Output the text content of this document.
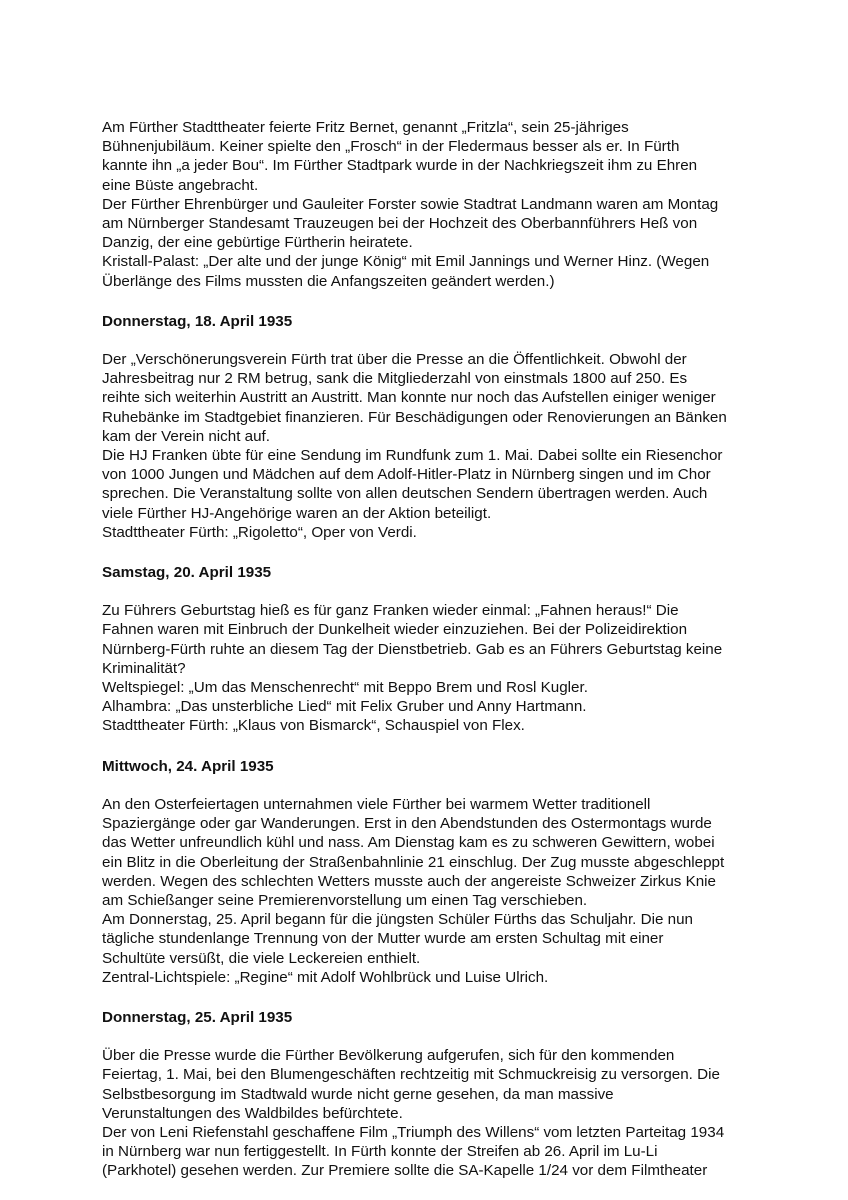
Am Fürther Stadttheater feierte Fritz Bernet, genannt „Fritzla“, sein 25-jähriges
Bühnenjubiläum. Keiner spielte den „Frosch“ in der Fledermaus besser als er. In Fürth
kannte ihn „a jeder Bou“. Im Fürther Stadtpark wurde in der Nachkriegszeit ihm zu Ehren
eine Büste angebracht.
Der Fürther Ehrenbürger und Gauleiter Forster sowie Stadtrat Landmann waren am Montag
am Nürnberger Standesamt Trauzeugen bei der Hochzeit des Oberbannführers Heß von
Danzig, der eine gebürtige Fürtherin heiratete.
Kristall-Palast: „Der alte und der junge König“ mit Emil Jannings und Werner Hinz. (Wegen
Überlänge des Films mussten die Anfangszeiten geändert werden.)
Donnerstag, 18. April 1935
Der „Verschönerungsverein Fürth trat über die Presse an die Öffentlichkeit. Obwohl der
Jahresbeitrag nur 2 RM betrug, sank die Mitgliederzahl von einstmals 1800 auf 250. Es
reihte sich weiterhin Austritt an Austritt. Man konnte nur noch das Aufstellen einiger weniger
Ruhebänke im Stadtgebiet finanzieren. Für Beschädigungen oder Renovierungen an Bänken
kam der Verein nicht auf.
Die HJ Franken übte für eine Sendung im Rundfunk zum 1. Mai. Dabei sollte ein Riesenchor
von 1000 Jungen und Mädchen auf dem Adolf-Hitler-Platz in Nürnberg singen und im Chor
sprechen. Die Veranstaltung sollte von allen deutschen Sendern übertragen werden. Auch
viele Fürther HJ-Angehörige waren an der Aktion beteiligt.
Stadttheater Fürth: „Rigoletto“, Oper von Verdi.
Samstag, 20. April 1935
Zu Führers Geburtstag hieß es für ganz Franken wieder einmal: „Fahnen heraus!“ Die
Fahnen waren mit Einbruch der Dunkelheit wieder einzuziehen. Bei der Polizeidirektion
Nürnberg-Fürth ruhte an diesem Tag der Dienstbetrieb. Gab es an Führers Geburtstag keine
Kriminalität?
Weltspiegel: „Um das Menschenrecht“ mit Beppo Brem und Rosl Kugler.
Alhambra: „Das unsterbliche Lied“ mit Felix Gruber und Anny Hartmann.
Stadttheater Fürth: „Klaus von Bismarck“, Schauspiel von Flex.
Mittwoch, 24. April 1935
An den Osterfeiertagen unternahmen viele Fürther bei warmem Wetter traditionell
Spaziergänge oder gar Wanderungen. Erst in den Abendstunden des Ostermontags wurde
das Wetter unfreundlich kühl und nass. Am Dienstag kam es zu schweren Gewittern, wobei
ein Blitz in die Oberleitung der Straßenbahnlinie 21 einschlug. Der Zug musste abgeschleppt
werden. Wegen des schlechten Wetters musste auch der angereiste Schweizer Zirkus Knie
am Schießanger seine Premierenvorstellung um einen Tag verschieben.
Am Donnerstag, 25. April begann für die jüngsten Schüler Fürths das Schuljahr. Die nun
tägliche stundenlange Trennung von der Mutter wurde am ersten Schultag mit einer
Schultüte versüßt, die viele Leckereien enthielt.
Zentral-Lichtspiele: „Regine“ mit Adolf Wohlbrück und Luise Ulrich.
Donnerstag, 25. April 1935
Über die Presse wurde die Fürther Bevölkerung aufgerufen, sich für den kommenden
Feiertag, 1. Mai, bei den Blumengeschäften rechtzeitig mit Schmuckreisig zu versorgen. Die
Selbstbesorgung im Stadtwald wurde nicht gerne gesehen, da man massive
Verunstaltungen des Waldbildes befürchtete.
Der von Leni Riefenstahl geschaffene Film „Triumph des Willens“ vom letzten Parteitag 1934
in Nürnberg war nun fertiggestellt. In Fürth konnte der Streifen ab 26. April im Lu-Li
(Parkhotel) gesehen werden. Zur Premiere sollte die SA-Kapelle 1/24 vor dem Filmtheater
